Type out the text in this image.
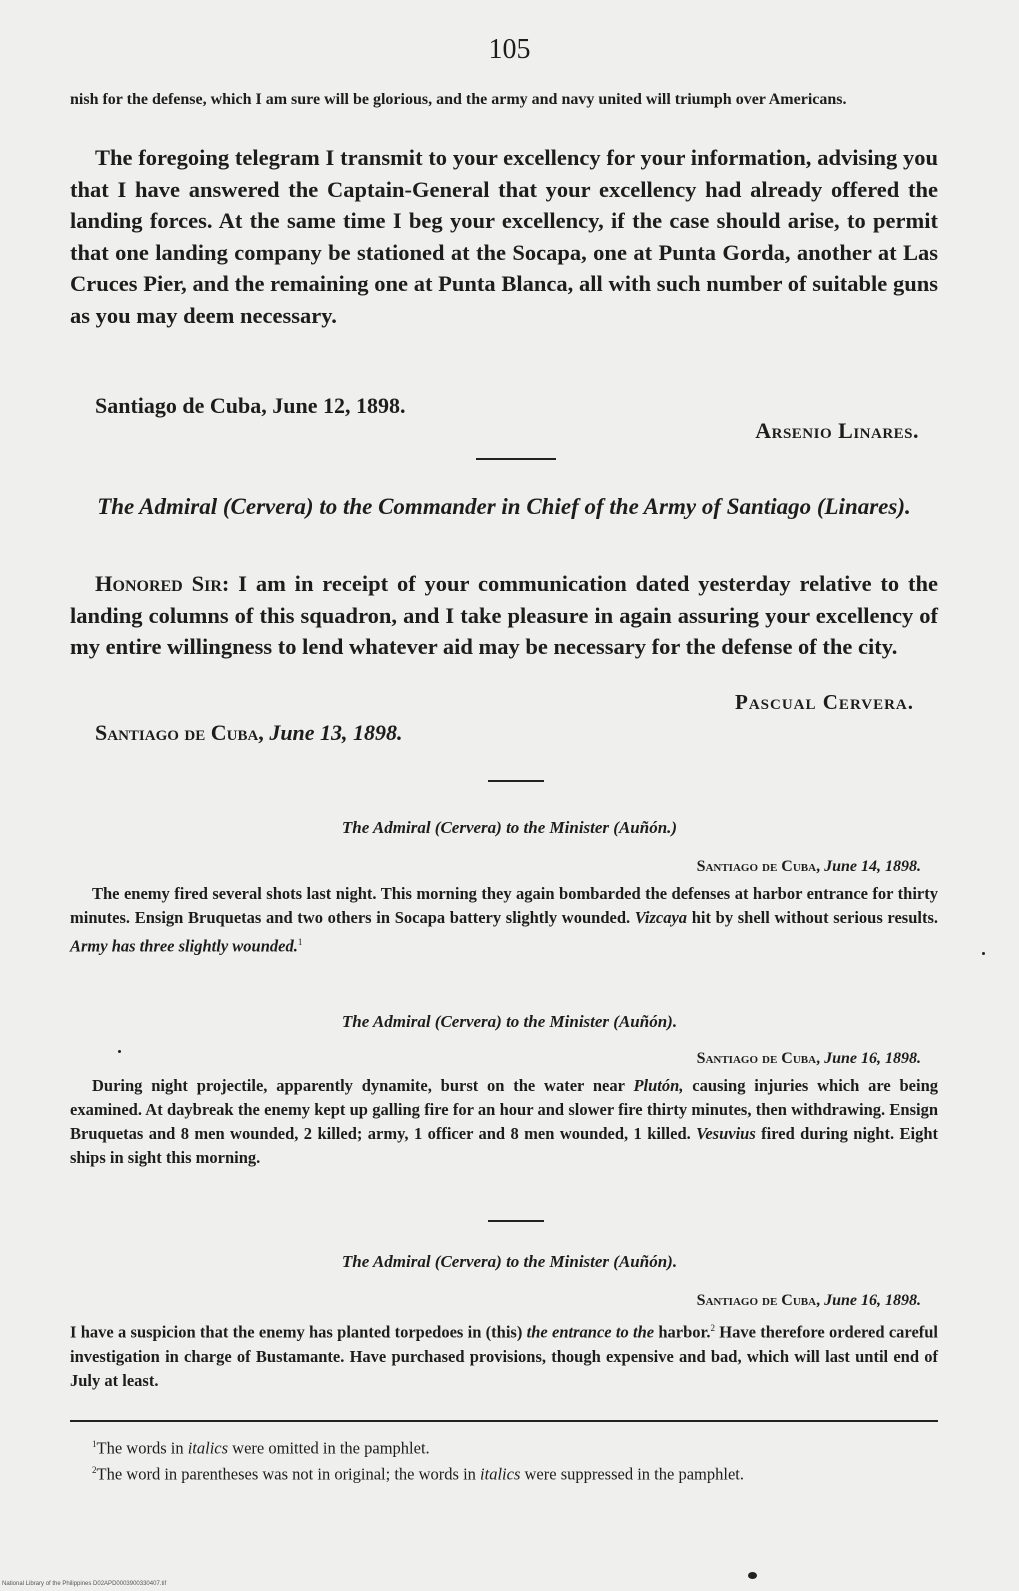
105
nish for the defense, which I am sure will be glorious, and the army and navy united will triumph over Americans.
The foregoing telegram I transmit to your excellency for your information, advising you that I have answered the Captain-General that your excellency had already offered the landing forces. At the same time I beg your excellency, if the case should arise, to permit that one landing company be stationed at the Socapa, one at Punta Gorda, another at Las Cruces Pier, and the remaining one at Punta Blanca, all with such number of suitable guns as you may deem necessary.
Santiago de Cuba, June 12, 1898.
Arsenio Linares.
The Admiral (Cervera) to the Commander in Chief of the Army of Santiago (Linares).
Honored Sir: I am in receipt of your communication dated yesterday relative to the landing columns of this squadron, and I take pleasure in again assuring your excellency of my entire willingness to lend whatever aid may be necessary for the defense of the city.
Pascual Cervera.
Santiago de Cuba, June 13, 1898.
The Admiral (Cervera) to the Minister (Auñón.)
Santiago de Cuba, June 14, 1898.
The enemy fired several shots last night. This morning they again bombarded the defenses at harbor entrance for thirty minutes. Ensign Bruquetas and two others in Socapa battery slightly wounded. Vizcaya hit by shell without serious results. Army has three slightly wounded.$^1$
The Admiral (Cervera) to the Minister (Auñón).
Santiago de Cuba, June 16, 1898.
During night projectile, apparently dynamite, burst on the water near Plutón, causing injuries which are being examined. At daybreak the enemy kept up galling fire for an hour and slower fire thirty minutes, then withdrawing. Ensign Bruquetas and 8 men wounded, 2 killed; army, 1 officer and 8 men wounded, 1 killed. Vesuvius fired during night. Eight ships in sight this morning.
The Admiral (Cervera) to the Minister (Auñón).
Santiago de Cuba, June 16, 1898.
I have a suspicion that the enemy has planted torpedoes in (this) the entrance to the harbor.$^2$ Have therefore ordered careful investigation in charge of Bustamante. Have purchased provisions, though expensive and bad, which will last until end of July at least.
$^1$The words in italics were omitted in the pamphlet.
$^2$The word in parentheses was not in original; the words in italics were suppressed in the pamphlet.
National Library of the Philippines D02APD0003900330407.tif
